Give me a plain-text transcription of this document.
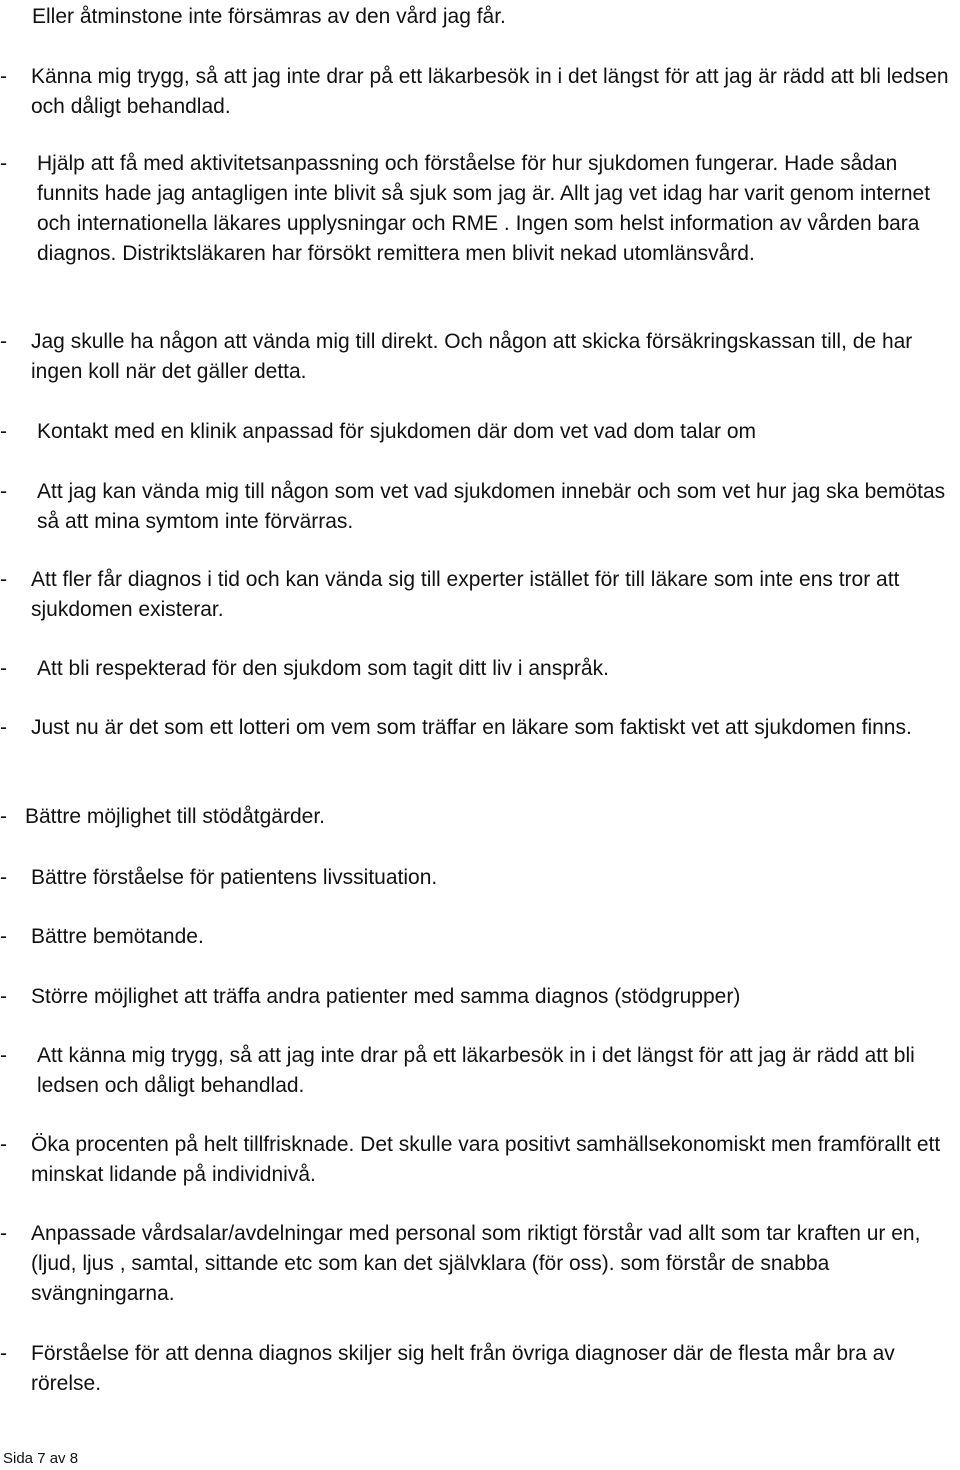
Eller åtminstone inte försämras av den vård jag får.
-	Känna mig trygg, så att jag inte drar på ett läkarbesök in i det längst för att jag är rädd att bli ledsen och dåligt behandlad.
-	Hjälp att få med aktivitetsanpassning och förståelse för hur sjukdomen fungerar. Hade sådan funnits hade jag antagligen inte blivit så sjuk som jag är. Allt jag vet idag har varit genom internet och internationella läkares upplysningar och RME . Ingen som helst information av vården bara diagnos. Distriktsläkaren har försökt remittera men blivit nekad utomlänsvård.
-	Jag skulle ha någon att vända mig till direkt. Och någon att skicka försäkringskassan till, de har ingen koll när det gäller detta.
-	Kontakt med en klinik anpassad för sjukdomen där dom vet vad dom talar om
-	Att jag kan vända mig till någon som vet vad sjukdomen innebär och som vet hur jag ska bemötas så att mina symtom inte förvärras.
-	Att fler får diagnos i tid och kan vända sig till experter istället för till läkare som inte ens tror att sjukdomen existerar.
-	Att bli respekterad för den sjukdom som tagit ditt liv i anspråk.
-	Just nu är det som ett lotteri om vem som träffar en läkare som faktiskt vet att sjukdomen finns.
- Bättre möjlighet till stödåtgärder.
-	Bättre förståelse för patientens livssituation.
-	Bättre bemötande.
-	Större möjlighet att träffa andra patienter med samma diagnos (stödgrupper)
-	Att känna mig trygg, så att jag inte drar på ett läkarbesök in i det längst för att jag är rädd att bli ledsen och dåligt behandlad.
-	Öka procenten på helt tillfrisknade. Det skulle vara positivt samhällsekonomiskt men framförallt ett minskat lidande på individnivå.
-	Anpassade vårdsalar/avdelningar med personal som riktigt förstår vad allt som tar kraften ur en, (ljud, ljus , samtal, sittande etc som kan det självklara (för oss). som förstår de snabba svängningarna.
-	Förståelse för att denna diagnos skiljer sig helt från övriga diagnoser där de flesta mår bra av rörelse.
Sida 7 av 8
